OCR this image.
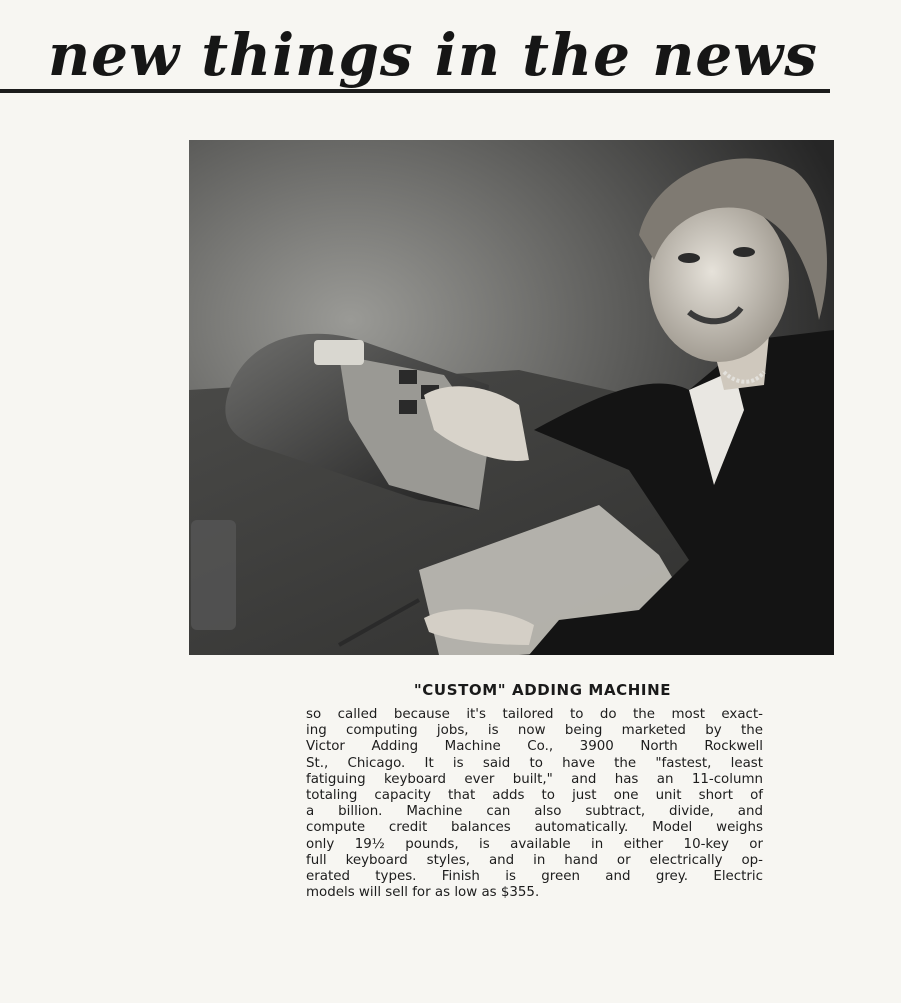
new things in the news
"CUSTOM" ADDING MACHINE
so called because it's tailored to do the most exact-
ing computing jobs, is now being marketed by the
Victor Adding Machine Co., 3900 North Rockwell
St., Chicago. It is said to have the "fastest, least
fatiguing keyboard ever built," and has an 11-column
totaling capacity that adds to just one unit short of
a billion. Machine can also subtract, divide, and
compute credit balances automatically. Model weighs
only 19½ pounds, is available in either 10-key or
full keyboard styles, and in hand or electrically op-
erated types. Finish is green and grey. Electric
models will sell for as low as $355.
